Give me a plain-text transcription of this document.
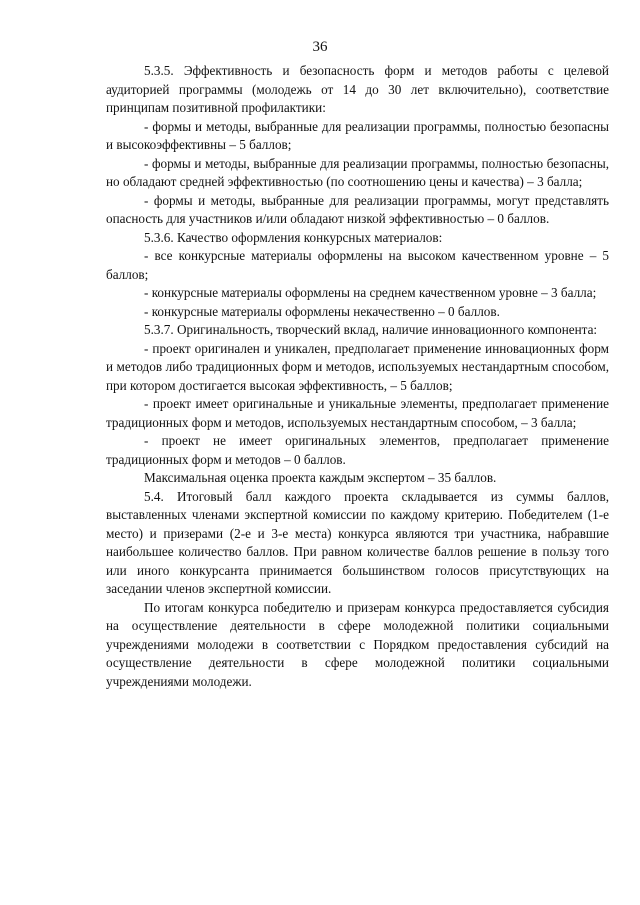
36

5.3.5. Эффективность и безопасность форм и методов работы с целевой аудиторией программы (молодежь от 14 до 30 лет включительно), соответствие принципам позитивной профилактики:

- формы и методы, выбранные для реализации программы, полностью безопасны и высокоэффективны – 5 баллов;

- формы и методы, выбранные для реализации программы, полностью безопасны, но обладают средней эффективностью (по соотношению цены и качества) – 3 балла;

- формы и методы, выбранные для реализации программы, могут представлять опасность для участников и/или обладают низкой эффективностью – 0 баллов.

5.3.6. Качество оформления конкурсных материалов:

- все конкурсные материалы оформлены на высоком качественном уровне – 5 баллов;

- конкурсные материалы оформлены на среднем качественном уровне – 3 балла;

- конкурсные материалы оформлены некачественно – 0 баллов.

5.3.7. Оригинальность, творческий вклад, наличие инновационного компонента:

- проект оригинален и уникален, предполагает применение инновационных форм и методов либо традиционных форм и методов, используемых нестандартным способом, при котором достигается высокая эффективность, – 5 баллов;

- проект имеет оригинальные и уникальные элементы, предполагает применение традиционных форм и методов, используемых нестандартным способом, – 3 балла;

- проект не имеет оригинальных элементов, предполагает применение традиционных форм и методов – 0 баллов.

Максимальная оценка проекта каждым экспертом – 35 баллов.

5.4. Итоговый балл каждого проекта складывается из суммы баллов, выставленных членами экспертной комиссии по каждому критерию. Победителем (1-е место) и призерами (2-е и 3-е места) конкурса являются три участника, набравшие наибольшее количество баллов. При равном количестве баллов решение в пользу того или иного конкурсанта принимается большинством голосов присутствующих на заседании членов экспертной комиссии.

По итогам конкурса победителю и призерам конкурса предоставляется субсидия на осуществление деятельности в сфере молодежной политики социальными учреждениями молодежи в соответствии с Порядком предоставления субсидий на осуществление деятельности в сфере молодежной политики социальными учреждениями молодежи.
